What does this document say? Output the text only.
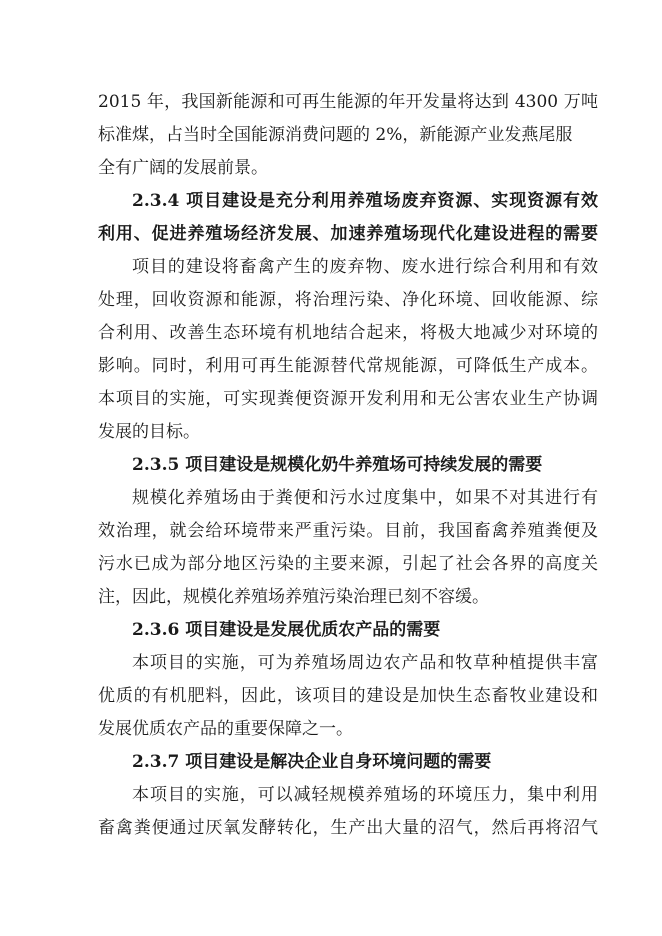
2015 年，我国新能源和可再生能源的年开发量将达到 4300 万吨
标准煤，占当时全国能源消费问题的 2%，新能源产业发燕尾服
全有广阔的发展前景。
2.3.4 项目建设是充分利用养殖场废弃资源、实现资源有效
利用、促进养殖场经济发展、加速养殖场现代化建设进程的需要
项目的建设将畜禽产生的废弃物、废水进行综合利用和有效
处理，回收资源和能源，将治理污染、净化环境、回收能源、综
合利用、改善生态环境有机地结合起来，将极大地减少对环境的
影响。同时，利用可再生能源替代常规能源，可降低生产成本。
本项目的实施，可实现粪便资源开发利用和无公害农业生产协调
发展的目标。
2.3.5 项目建设是规模化奶牛养殖场可持续发展的需要
规模化养殖场由于粪便和污水过度集中，如果不对其进行有
效治理，就会给环境带来严重污染。目前，我国畜禽养殖粪便及
污水已成为部分地区污染的主要来源，引起了社会各界的高度关
注，因此，规模化养殖场养殖污染治理已刻不容缓。
2.3.6 项目建设是发展优质农产品的需要
本项目的实施，可为养殖场周边农产品和牧草种植提供丰富
优质的有机肥料，因此，该项目的建设是加快生态畜牧业建设和
发展优质农产品的重要保障之一。
2.3.7 项目建设是解决企业自身环境问题的需要
本项目的实施，可以减轻规模养殖场的环境压力，集中利用
畜禽粪便通过厌氧发酵转化，生产出大量的沼气，然后再将沼气
